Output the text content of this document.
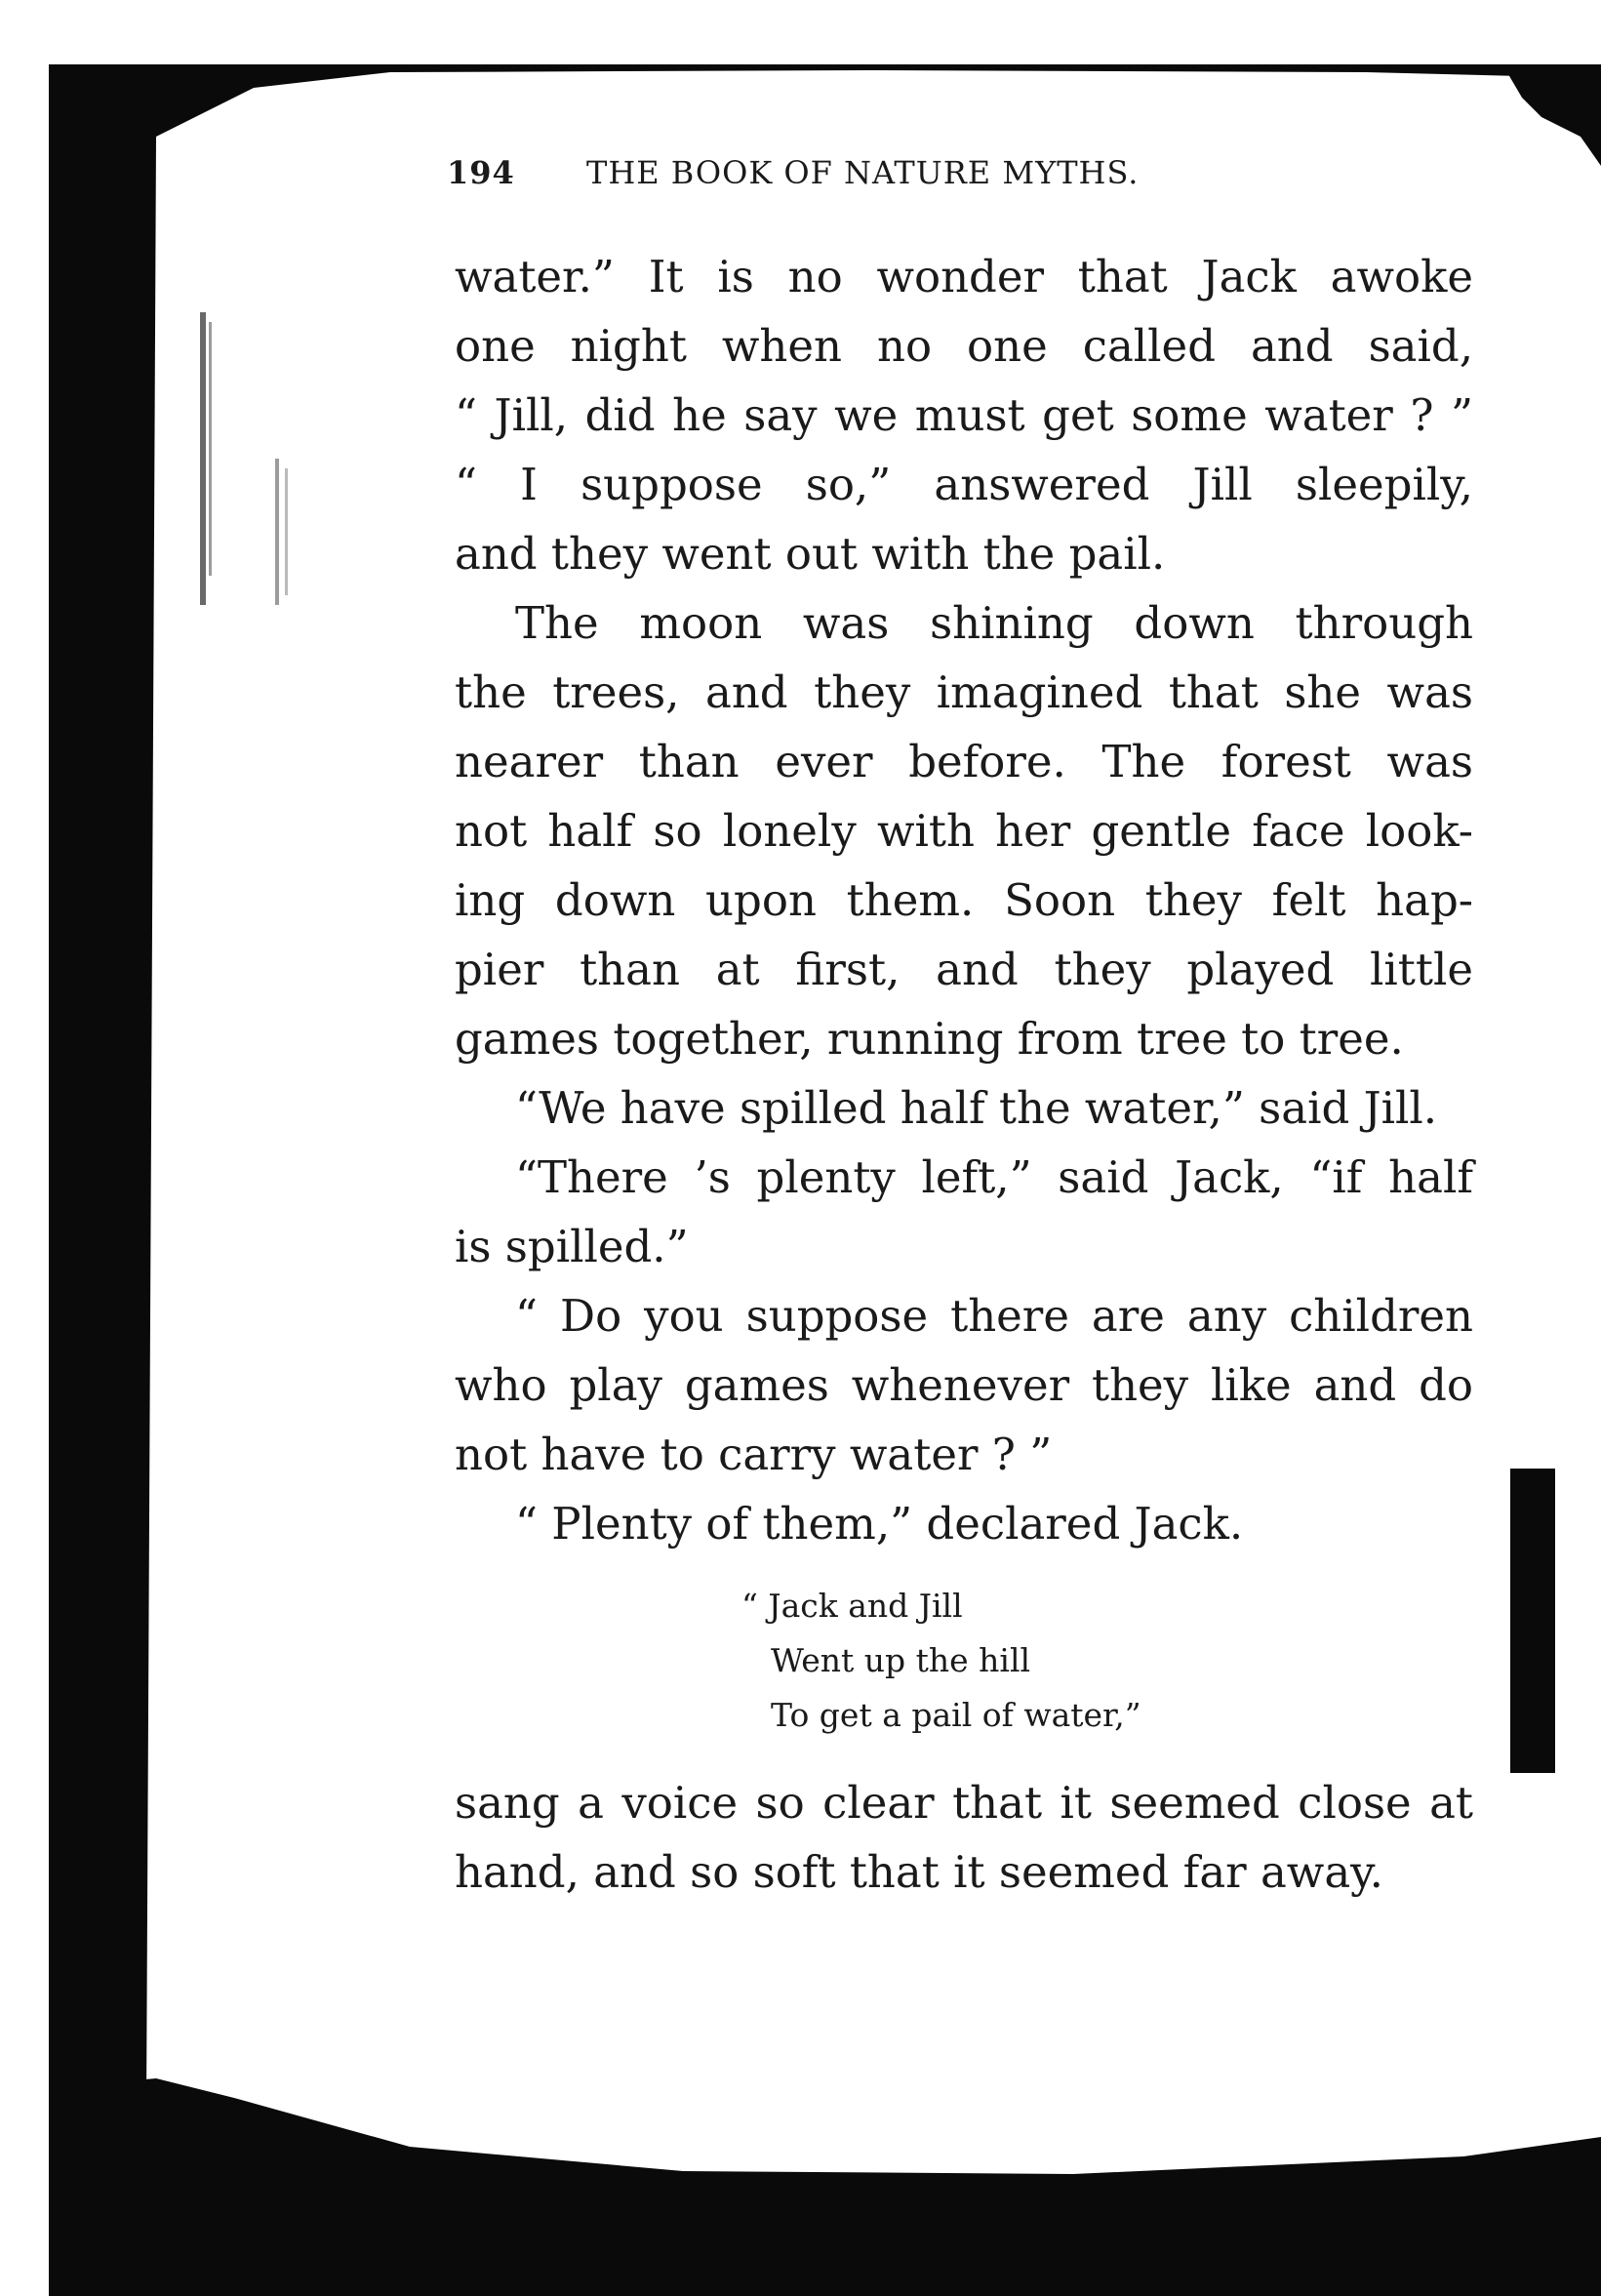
194 THE BOOK OF NATURE MYTHS.
water.” It is no wonder that Jack awoke
one night when no one called and said,
“ Jill, did he say we must get some water ? ”
“ I suppose so,” answered Jill sleepily,
and they went out with the pail.
The moon was shining down through
the trees, and they imagined that she was
nearer than ever before. The forest was
not half so lonely with her gentle face look-
ing down upon them. Soon they felt hap-
pier than at first, and they played little
games together, running from tree to tree.
“We have spilled half the water,” said Jill.
“There ’s plenty left,” said Jack, “if half
is spilled.”
“ Do you suppose there are any children
who play games whenever they like and do
not have to carry water ? ”
“ Plenty of them,” declared Jack.
“ Jack and Jill
Went up the hill
To get a pail of water,”
sang a voice so clear that it seemed close at
hand, and so soft that it seemed far away.
